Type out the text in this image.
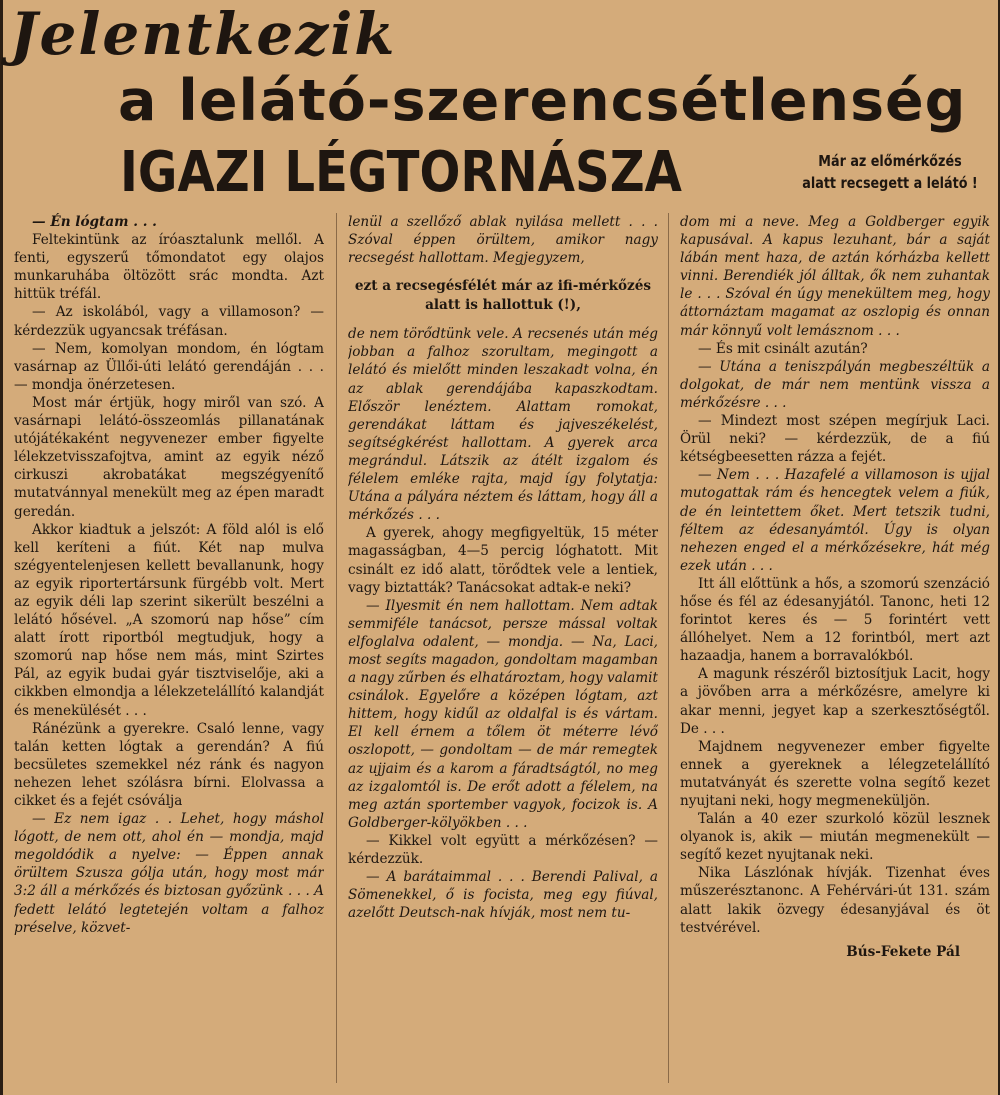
Jelentkezik
a lelátó-szerencsétlenség
IGAZI LÉGTORNÁSZA	Már az előmérkőzés alatt recsegett a lelátó !

— Én lógtam . . .

Feltekintünk az íróasztalunk mellől. A fenti, egyszerű tőmondatot egy olajos munkaruhába öltözött srác mondta. Azt hittük tréfál.

— Az iskolából, vagy a villamoson? — kérdezzük ugyancsak tréfásan.

— Nem, komolyan mondom, én lógtam vasárnap az Üllői-úti lelátó gerendáján . . . — mondja önérzetesen.

Most már értjük, hogy miről van szó. A vasárnapi lelátó-összeomlás pillanatának utójátékaként negyvenezer ember figyelte lélekzetvisszafojtva, amint az egyik néző cirkuszi akrobatákat megszégyenítő mutatvánnyal menekült meg az épen maradt geredán.

Akkor kiadtuk a jelszót: A föld alól is elő kell keríteni a fiút. Két nap mulva szégyentelenjesen kellett bevallanunk, hogy az egyik riportertársunk fürgébb volt. Mert az egyik déli lap szerint sikerült beszélni a lelátó hősével. „A szomorú nap hőse” cím alatt írott riportból megtudjuk, hogy a szomorú nap hőse nem más, mint Szirtes Pál, az egyik budai gyár tisztviselője, aki a cikkben elmondja a lélekzetelállító kalandját és menekülését . . .

Ránézünk a gyerekre. Csaló lenne, vagy talán ketten lógtak a gerendán? A fiú becsületes szemekkel néz ránk és nagyon nehezen lehet szólásra bírni. Elolvassa a cikket és a fejét csóválja

— Ez nem igaz . . Lehet, hogy máshol lógott, de nem ott, ahol én — mondja, majd megoldódik a nyelve: — Éppen annak örültem Szusza gólja után, hogy most már 3:2 áll a mérkőzés és biztosan győzünk . . . A fedett lelátó legtetején voltam a falhoz préselve, közvet-

lenül a szellőző ablak nyilása mellett . . . Szóval éppen örültem, amikor nagy recsegést hallottam. Megjegyzem,

ezt a recsegésfélét már az ifi-mérkőzés alatt is hallottuk (!),

de nem törődtünk vele. A recsenés után még jobban a falhoz szorultam, megingott a lelátó és mielőtt minden leszakadt volna, én az ablak gerendájába kapaszkodtam. Először lenéztem. Alattam romokat, gerendákat láttam és jajveszékelést, segítségkérést hallottam. A gyerek arca megrándul. Látszik az átélt izgalom és félelem emléke rajta, majd így folytatja: Utána a pályára néztem és láttam, hogy áll a mérkőzés . . .

A gyerek, ahogy megfigyeltük, 15 méter magasságban, 4—5 percig lóghatott. Mit csinált ez idő alatt, törődtek vele a lentiek, vagy biztatták? Tanácsokat adtak-e neki?

— Ilyesmit én nem hallottam. Nem adtak semmiféle tanácsot, persze mással voltak elfoglalva odalent, — mondja. — Na, Laci, most segíts magadon, gondoltam magamban a nagy zűrben és elhatároztam, hogy valamit csinálok. Egyelőre a középen lógtam, azt hittem, hogy kidűl az oldalfal is és vártam. El kell érnem a tőlem öt méterre lévő oszlopott, — gondoltam — de már remegtek az ujjaim és a karom a fáradtságtól, no meg az izgalomtól is. De erőt adott a félelem, na meg aztán sportember vagyok, focizok is. A Goldberger-kölyökben . . .

— Kikkel volt együtt a mérkőzésen? — kérdezzük.

— A barátaimmal . . . Berendi Palival, a Sömenekkel, ő is focista, meg egy fiúval, azelőtt Deutsch-nak hívják, most nem tu-

dom mi a neve. Meg a Goldberger egyik kapusával. A kapus lezuhant, bár a saját lábán ment haza, de aztán kórházba kellett vinni. Berendiék jól álltak, ők nem zuhantak le . . . Szóval én úgy menekültem meg, hogy áttornáztam magamat az oszlopig és onnan már könnyű volt lemásznom . . .

— És mit csinált azután?

— Utána a teniszpályán megbeszéltük a dolgokat, de már nem mentünk vissza a mérkőzésre . . .

— Mindezt most szépen megírjuk Laci. Örül neki? — kérdezzük, de a fiú kétségbeesetten rázza a fejét.

— Nem . . . Hazafelé a villamoson is ujjal mutogattak rám és hencegtek velem a fiúk, de én leintettem őket. Mert tetszik tudni, féltem az édesanyámtól. Úgy is olyan nehezen enged el a mérkőzésekre, hát még ezek után . . .

Itt áll előttünk a hős, a szomorú szenzáció hőse és fél az édesanyjától. Tanonc, heti 12 forintot keres és — 5 forintért vett állóhelyet. Nem a 12 forintból, mert azt hazaadja, hanem a borravalókból.

A magunk részéről biztosítjuk Lacit, hogy a jövőben arra a mérkőzésre, amelyre ki akar menni, jegyet kap a szerkesztőségtől. De . . .

Majdnem negyvenezer ember figyelte ennek a gyereknek a lélegzetelállító mutatványát és szerette volna segítő kezet nyujtani neki, hogy megmeneküljön.

Talán a 40 ezer szurkoló közül lesznek olyanok is, akik — miután megmenekült — segítő kezet nyujtanak neki.

Nika Lászlónak hívják. Tizenhat éves műszerésztanonc. A Fehérvári-út 131. szám alatt lakik özvegy édesanyjával és öt testvérével.

Bús-Fekete Pál
